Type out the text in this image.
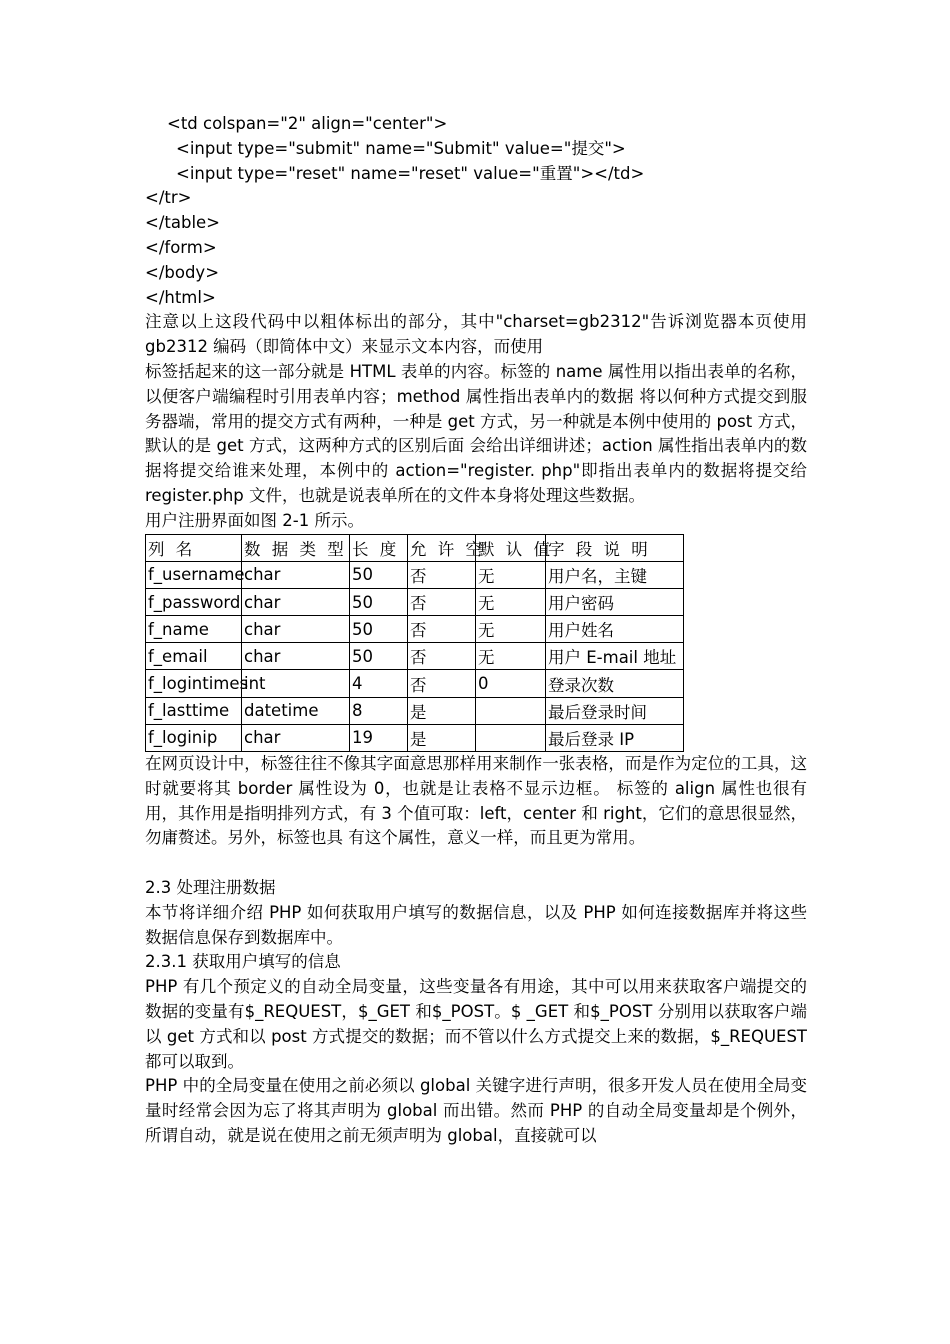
<td colspan="2" align="center">
<input type="submit" name="Submit" value="提交">
<input type="reset" name="reset" value="重置"></td>
</tr>
</table>
</form>
</body>
</html>

注意以上这段代码中以粗体标出的部分，其中"charset=gb2312"告诉浏览器本页使用 gb2312 编码（即简体中文）来显示文本内容，而使用

标签括起来的这一部分就是 HTML 表单的内容。标签的 name 属性用以指出表单的名称，以便客户端编程时引用表单内容；method 属性指出表单内的数据 将以何种方式提交到服务器端，常用的提交方式有两种，一种是 get 方式，另一种就是本例中使用的 post 方式，默认的是 get 方式，这两种方式的区别后面 会给出详细讲述；action 属性指出表单内的数据将提交给谁来处理，本例中的 action="register. php"即指出表单内的数据将提交给 register.php 文件，也就是说表单所在的文件本身将处理这些数据。

用户注册界面如图 2-1 所示。

列 名	数 据 类 型	长 度	允 许 空	默 认 值	字 段 说 明
f_username	char	50	否	无	用户名，主键
f_password	char	50	否	无	用户密码
f_name	char	50	否	无	用户姓名
f_email	char	50	否	无	用户 E-mail 地址
f_logintimes	int	4	否	0	登录次数
f_lasttime	datetime	8	是		最后登录时间
f_loginip	char	19	是		最后登录 IP

在网页设计中，标签往往不像其字面意思那样用来制作一张表格，而是作为定位的工具，这时就要将其 border 属性设为 0，也就是让表格不显示边框。 标签的 align 属性也很有用，其作用是指明排列方式，有 3 个值可取：left，center 和 right，它们的意思很显然，勿庸赘述。另外，标签也具 有这个属性，意义一样，而且更为常用。

2.3 处理注册数据

本节将详细介绍 PHP 如何获取用户填写的数据信息，以及 PHP 如何连接数据库并将这些数据信息保存到数据库中。

2.3.1 获取用户填写的信息

PHP 有几个预定义的自动全局变量，这些变量各有用途，其中可以用来获取客户端提交的数据的变量有$_REQUEST，$_GET 和$_POST。$ _GET 和$_POST 分别用以获取客户端以 get 方式和以 post 方式提交的数据；而不管以什么方式提交上来的数据，$_REQUEST 都可以取到。

PHP 中的全局变量在使用之前必须以 global 关键字进行声明，很多开发人员在使用全局变量时经常会因为忘了将其声明为 global 而出错。然而 PHP 的自动全局变量却是个例外，所谓自动，就是说在使用之前无须声明为 global，直接就可以
